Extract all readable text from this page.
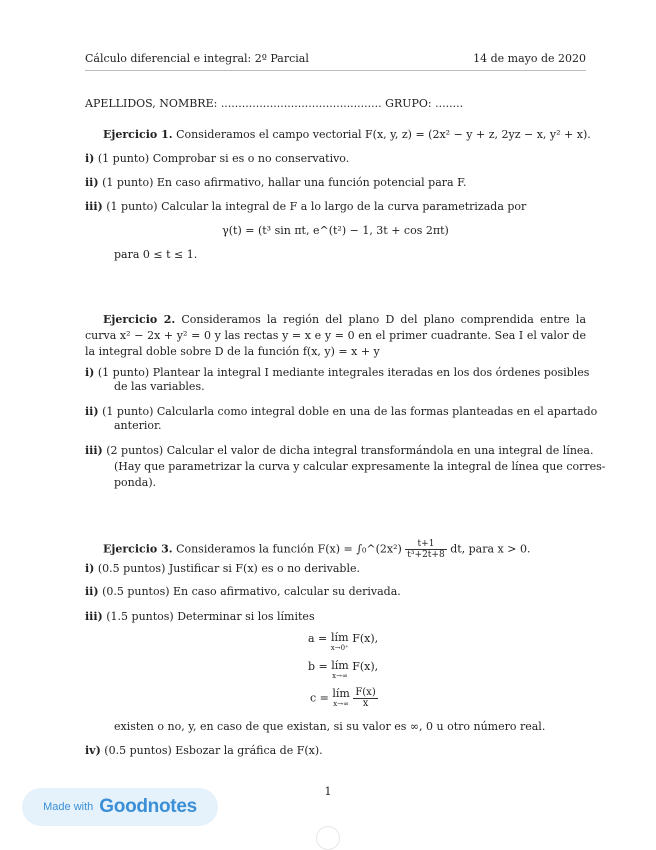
Cálculo diferencial e integral: 2º Parcial	14 de mayo de 2020
APELLIDOS, NOMBRE: .............................................. GRUPO: ........
Ejercicio 1. Consideramos el campo vectorial F(x, y, z) = (2x² − y + z, 2yz − x, y² + x).
i) (1 punto) Comprobar si es o no conservativo.
ii) (1 punto) En caso afirmativo, hallar una función potencial para F.
iii) (1 punto) Calcular la integral de F a lo largo de la curva parametrizada por
γ(t) = (t³ sin πt, e^(t²) − 1, 3t + cos 2πt)
para 0 ≤ t ≤ 1.
Ejercicio 2. Consideramos la región del plano D del plano comprendida entre la curva x² − 2x + y² = 0 y las rectas y = x e y = 0 en el primer cuadrante. Sea I el valor de la integral doble sobre D de la función f(x, y) = x + y
i) (1 punto) Plantear la integral I mediante integrales iteradas en los dos órdenes posibles
de las variables.
ii) (1 punto) Calcularla como integral doble en una de las formas planteadas en el apartado
anterior.
iii) (2 puntos) Calcular el valor de dicha integral transformándola en una integral de línea.
(Hay que parametrizar la curva y calcular expresamente la integral de línea que corres-
ponda).
Ejercicio 3. Consideramos la función F(x) = ∫₀^(2x²) $\frac{t+1}{\text{t³+2t+8}}$ dt, para x > 0.
i) (0.5 puntos) Justificar si F(x) es o no derivable.
ii) (0.5 puntos) En caso afirmativo, calcular su derivada.
iii) (1.5 puntos) Determinar si los límites
a = lím
x→0⁺
F(x),
b = lím
x→∞
F(x),
c = lím
x→∞
$\frac{F(x)}{x}$
existen o no, y, en caso de que existan, si su valor es ∞, 0 u otro número real.
iv) (0.5 puntos) Esbozar la gráfica de F(x).
1
Made with Goodnotes
